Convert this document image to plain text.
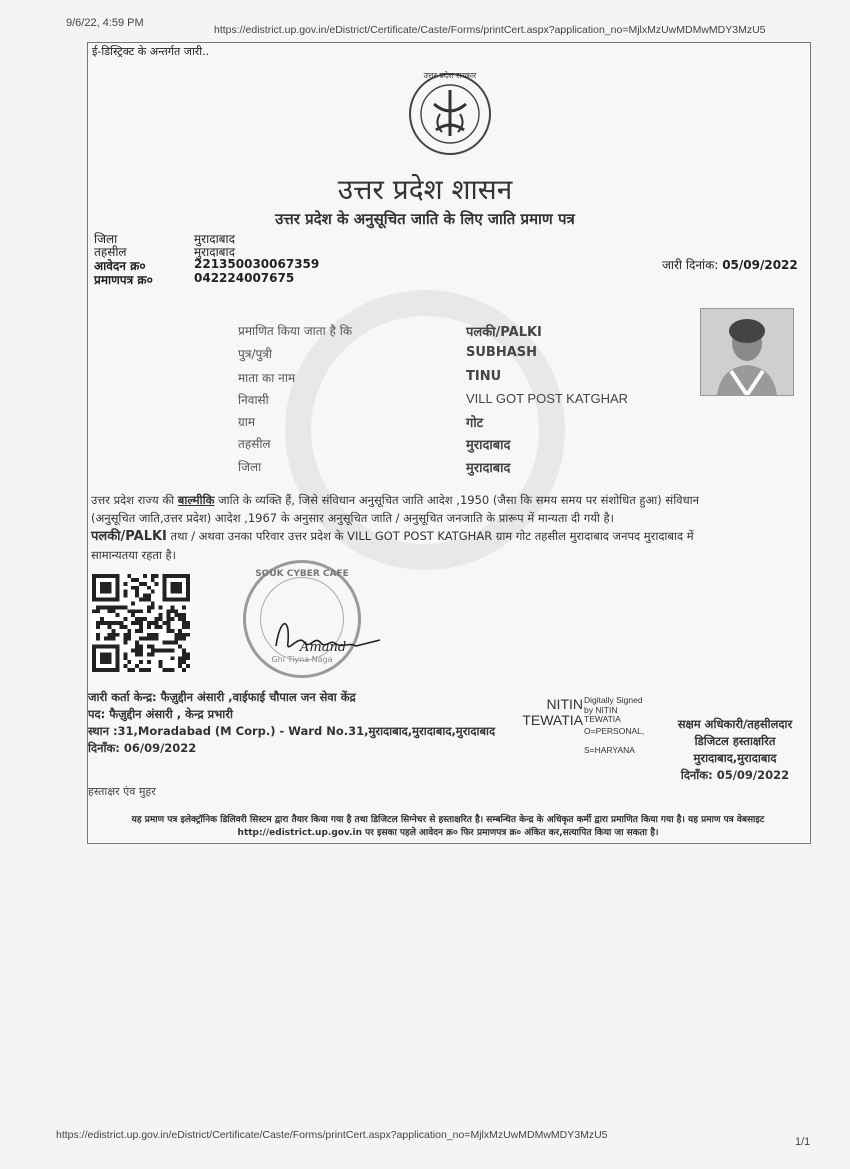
9/6/22, 4:59 PM
https://edistrict.up.gov.in/eDistrict/Certificate/Caste/Forms/printCert.aspx?application_no=MjlxMzUwMDMwMDY3MzU5
ई-डिस्ट्रिक्ट के अन्तर्गत जारी..
उत्तर प्रदेश सरकार
उत्तर प्रदेश शासन
उत्तर प्रदेश के अनुसूचित जाति के लिए जाति प्रमाण पत्र
जिला	मुरादाबाद
तहसील	मुरादाबाद
आवेदन क्र०	221350030067359
प्रमाणपत्र क्र०	042224007675
जारी दिनांक: 05/09/2022
प्रमाणित किया जाता है कि	पलकी/PALKI
पुत्र/पुत्री	SUBHASH
माता का नाम	TINU
निवासी	VILL GOT POST KATGHAR
ग्राम	गोट
तहसील	मुरादाबाद
जिला	मुरादाबाद
उत्तर प्रदेश राज्य की बाल्मीकि जाति के व्यक्ति हैं, जिसे संविधान अनुसूचित जाति आदेश ,1950 (जैसा कि समय समय पर संशोधित हुआ) संविधान
(अनुसूचित जाति,उत्तर प्रदेश) आदेश ,1967 के अनुसार अनुसूचित जाति / अनुसूचित जनजाति के प्रारूप में मान्यता दी गयी है।
पलकी/PALKI तथा / अथवा उनका परिवार उत्तर प्रदेश के VILL GOT POST KATGHAR ग्राम गोट तहसील मुरादाबाद जनपद मुरादाबाद में
सामान्यतया रहता है।
SOUK CYBER CAFE
Ghi Tiyna Naga
Amand
जारी कर्ता केन्द्र: फैज़ुद्दीन अंसारी ,वाईफाई चौपाल जन सेवा केंद्र
पद: फैज़ुद्दीन अंसारी , केन्द्र प्रभारी
स्थान :31,Moradabad (M Corp.) - Ward No.31,मुरादाबाद,मुरादाबाद,मुरादाबाद
दिनाँक: 06/09/2022
NITIN
TEWATIA
Digitally Signed
by NITIN
TEWATIA
O=PERSONAL,
S=HARYANA
सक्षम अधिकारी/तहसीलदार
डिजिटल हस्ताक्षरित
मुरादाबाद,मुरादाबाद
दिनाँक: 05/09/2022
हस्ताक्षर एंव मुहर
यह प्रमाण पत्र इलेक्ट्रॉनिक डिलिवरी सिस्टम द्वारा तैयार किया गया है तथा डिजिटल सिग्नेचर से हस्ताक्षरित है। सम्बन्धित केन्द्र के अधिकृत कर्मी द्वारा प्रमाणित किया गया है। यह प्रमाण पत्र वेबसाइट
http://edistrict.up.gov.in पर इसका पहले आवेदन क्र० फिर प्रमाणपत्र क्र० अंकित कर,सत्यापित किया जा सकता है।
https://edistrict.up.gov.in/eDistrict/Certificate/Caste/Forms/printCert.aspx?application_no=MjlxMzUwMDMwMDY3MzU5
1/1
